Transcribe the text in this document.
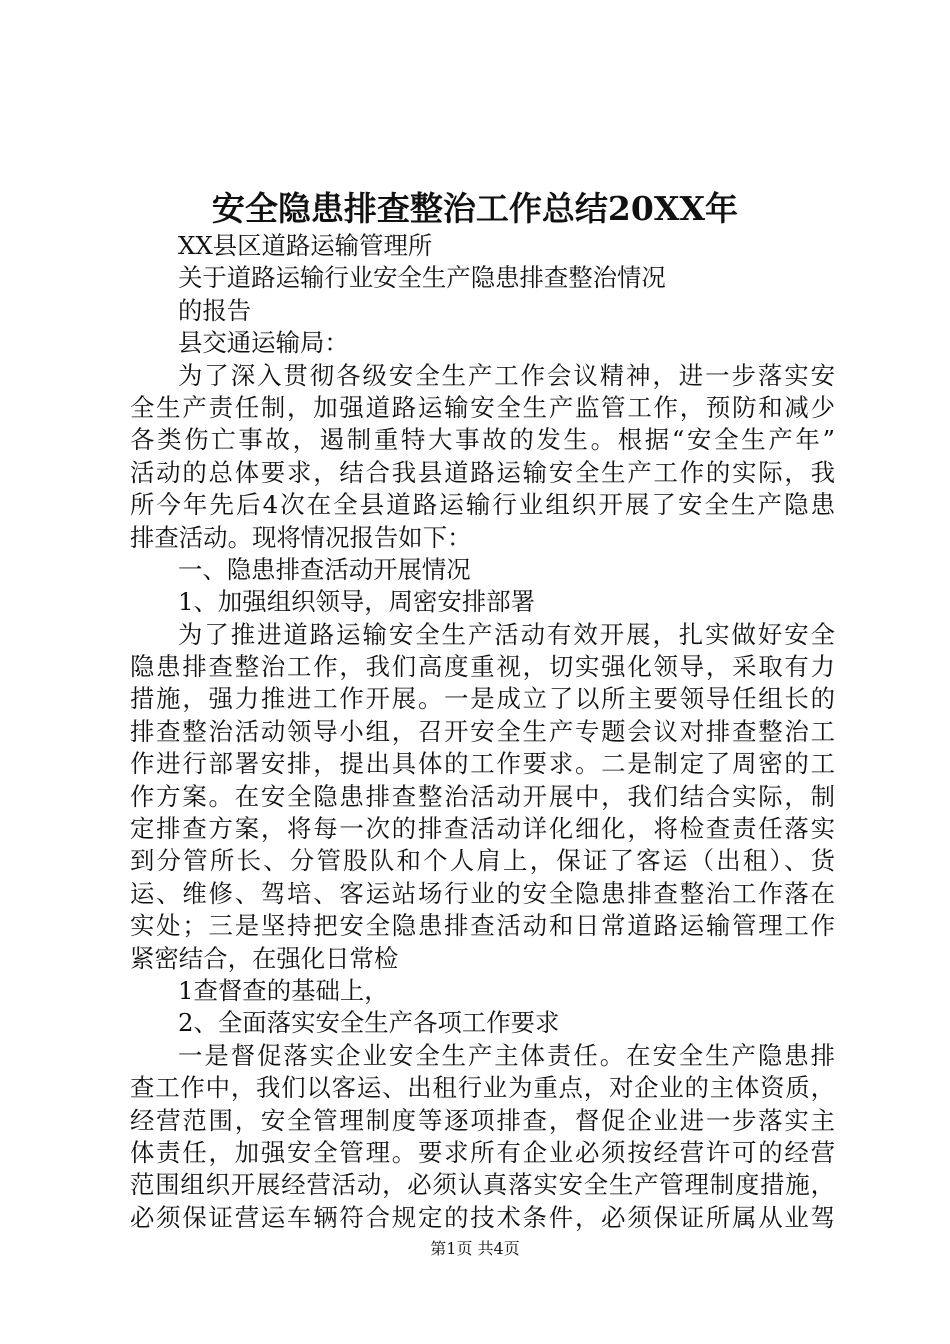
安全隐患排查整治工作总结20XX年
XX县区道路运输管理所
关于道路运输行业安全生产隐患排查整治情况
的报告
县交通运输局：
为了深入贯彻各级安全生产工作会议精神，进一步落实安
全生产责任制，加强道路运输安全生产监管工作，预防和减少
各类伤亡事故，遏制重特大事故的发生。根据“安全生产年”
活动的总体要求，结合我县道路运输安全生产工作的实际，我
所今年先后4次在全县道路运输行业组织开展了安全生产隐患
排查活动。现将情况报告如下：
一、隐患排查活动开展情况
1、加强组织领导，周密安排部署
为了推进道路运输安全生产活动有效开展，扎实做好安全
隐患排查整治工作，我们高度重视，切实强化领导，采取有力
措施，强力推进工作开展。一是成立了以所主要领导任组长的
排查整治活动领导小组，召开安全生产专题会议对排查整治工
作进行部署安排，提出具体的工作要求。二是制定了周密的工
作方案。在安全隐患排查整治活动开展中，我们结合实际，制
定排查方案，将每一次的排查活动详化细化，将检查责任落实
到分管所长、分管股队和个人肩上，保证了客运（出租）、货
运、维修、驾培、客运站场行业的安全隐患排查整治工作落在
实处；三是坚持把安全隐患排查活动和日常道路运输管理工作
紧密结合，在强化日常检
1查督查的基础上，
2、全面落实安全生产各项工作要求
一是督促落实企业安全生产主体责任。在安全生产隐患排
查工作中，我们以客运、出租行业为重点，对企业的主体资质，
经营范围，安全管理制度等逐项排查，督促企业进一步落实主
体责任，加强安全管理。要求所有企业必须按经营许可的经营
范围组织开展经营活动，必须认真落实安全生产管理制度措施，
必须保证营运车辆符合规定的技术条件，必须保证所属从业驾
第1页 共4页
